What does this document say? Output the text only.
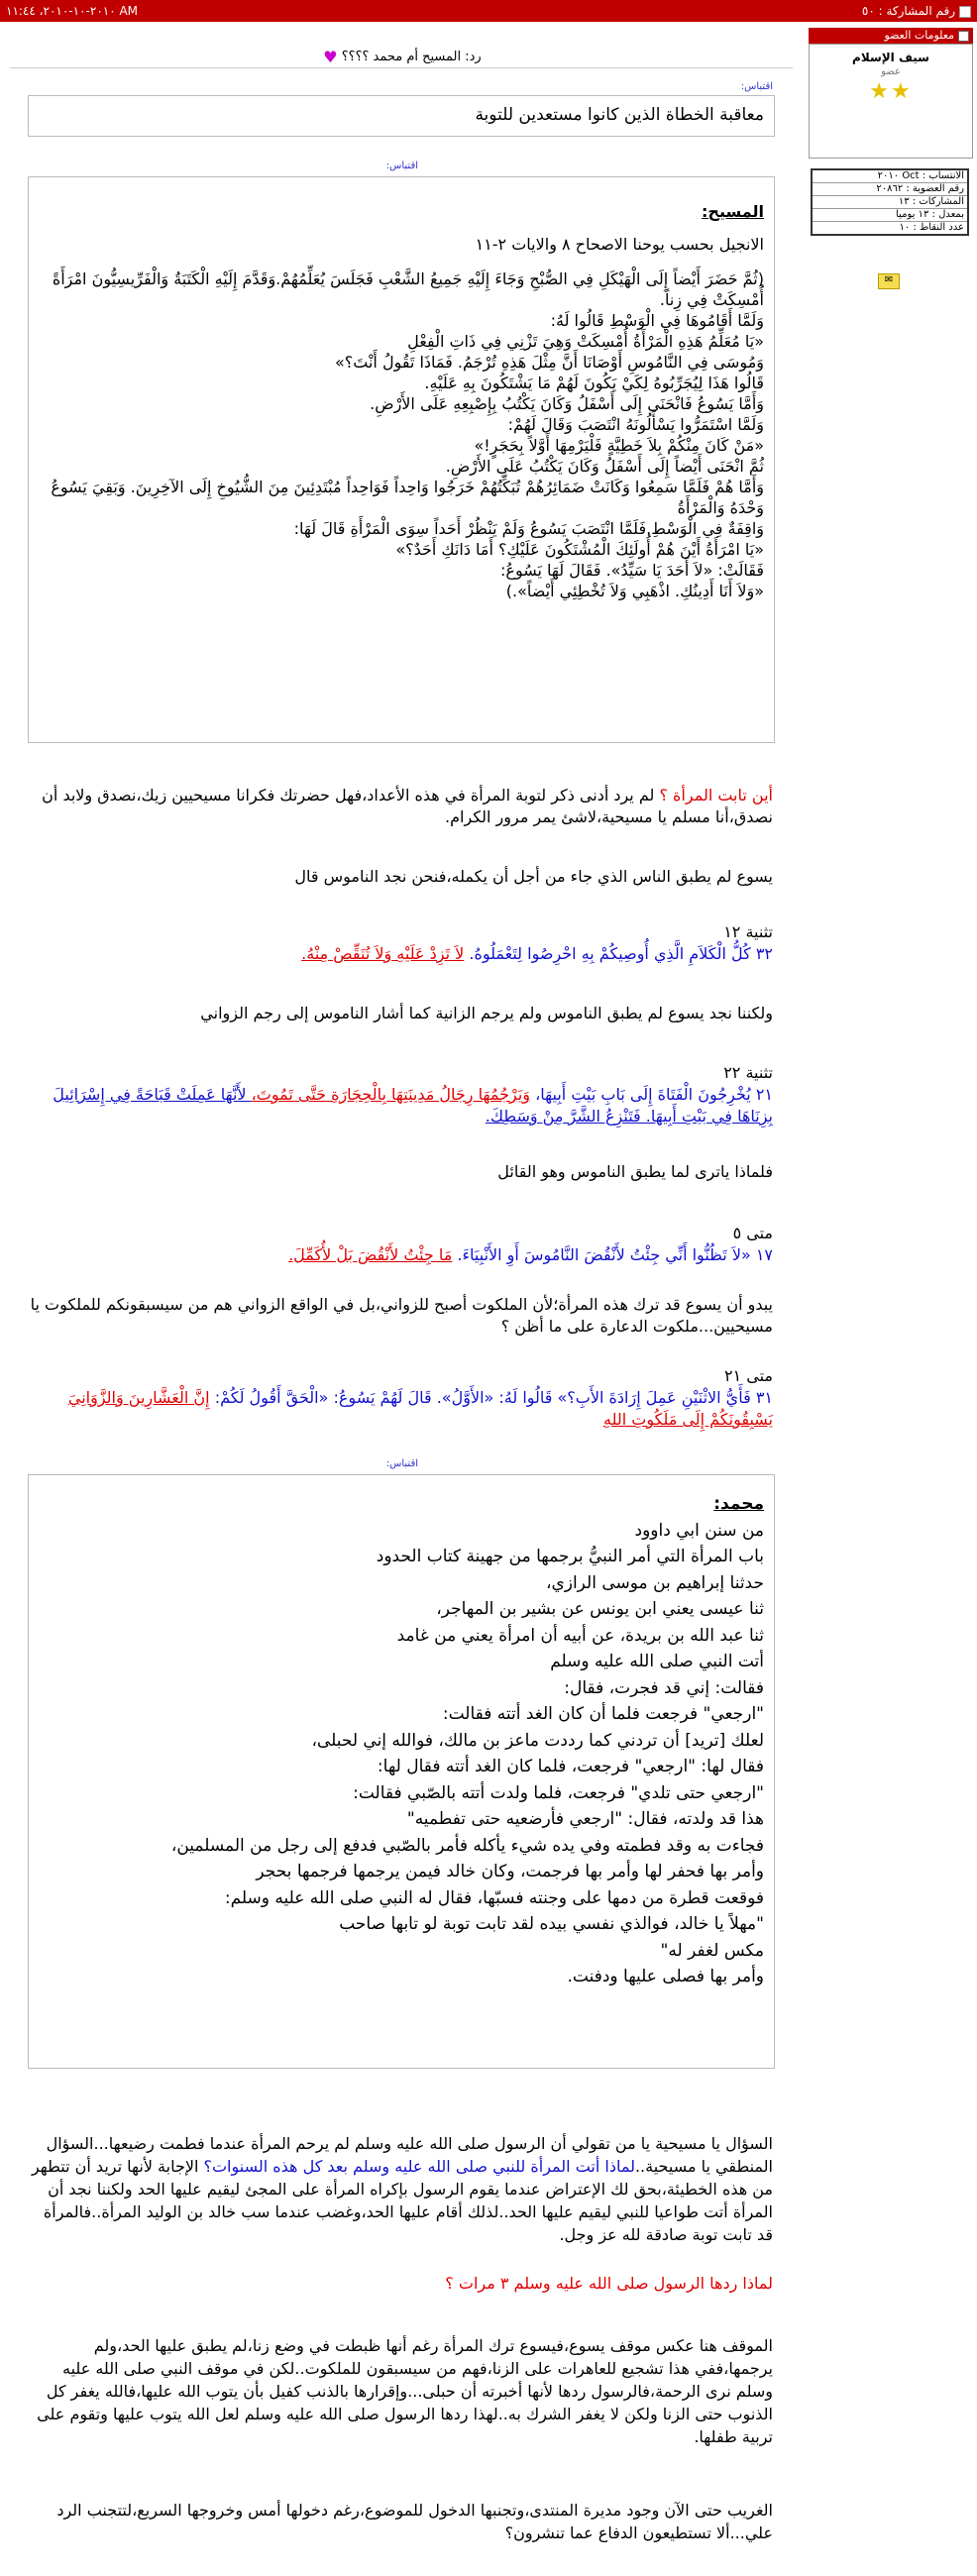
رقم المشاركة : ٥٠
٢٠١٠-١٠-٢٠١٠، ١١:٤٤ AM
رد: المسيح أم محمد ؟؟؟؟ ♥
اقتباس:
معاقبة الخطاة الذين كانوا مستعدين للتوبة
اقتباس:
المسيح:
الانجيل بحسب يوحنا الاصحاح ٨ والايات ٢-١١
(ثُمَّ حَضَرَ أَيْضاً إِلَى الْهَيْكَلِ فِي الصُّبْحِ وَجَاءَ إِلَيْهِ جَمِيعُ الشَّعْبِ فَجَلَسَ يُعَلِّمُهُمْ.وَقَدَّمَ إِلَيْهِ الْكَتَبَةُ وَالْفَرِّيسِيُّونَ امْرَأَةً أُمْسِكَتْ فِي زِناً.
وَلَمَّا أَقَامُوهَا فِي الْوَسْطِ قَالُوا لَهُ:
«يَا مُعَلِّمُ هَذِهِ الْمَرْأَةُ أُمْسِكَتْ وَهِيَ تَزْنِي فِي ذَاتِ الْفِعْلِ
وَمُوسَى فِي النَّامُوسِ أَوْصَانَا أَنَّ مِثْلَ هَذِهِ تُرْجَمُ. فَمَاذَا تَقُولُ أَنْتَ؟»
قَالُوا هَذَا لِيُجَرِّبُوهُ لِكَيْ يَكُونَ لَهُمْ مَا يَشْتَكُونَ بِهِ عَلَيْهِ.
وَأَمَّا يَسُوعُ فَانْحَنَى إِلَى أَسْفَلُ وَكَانَ يَكْتُبُ بِإِصْبِعِهِ عَلَى الأَرْضِ.
وَلَمَّا اسْتَمَرُّوا يَسْأَلُونَهُ انْتَصَبَ وَقَالَ لَهُمْ:
«مَنْ كَانَ مِنْكُمْ بِلاَ خَطِيَّةٍ فَلْيَرْمِهَا أَوَّلاً بِحَجَرٍ!»
ثُمَّ انْحَنَى أَيْضاً إِلَى أَسْفَلُ وَكَانَ يَكْتُبُ عَلَى الأَرْضِ.
وَأَمَّا هُمْ فَلَمَّا سَمِعُوا وَكَانَتْ ضَمَائِرُهُمْ تُبَكِّتُهُمْ خَرَجُوا وَاحِداً فَوَاحِداً مُبْتَدِئِينَ مِنَ الشُّيُوخِ إِلَى الآخِرِينَ. وَبَقِيَ يَسُوعُ وَحْدَهُ وَالْمَرْأَةُ
وَاقِفَةٌ فِي الْوَسْطِ.فَلَمَّا انْتَصَبَ يَسُوعُ وَلَمْ يَنْظُرْ أَحَداً سِوَى الْمَرْأَةِ قَالَ لَهَا:
«يَا امْرَأَةُ أَيْنَ هُمْ أُولَئِكَ الْمُشْتَكُونَ عَلَيْكِ؟ أَمَا دَانَكِ أَحَدٌ؟»
فَقَالَتْ: «لاَ أَحَدَ يَا سَيِّدُ». فَقَالَ لَهَا يَسُوعُ:
«وَلاَ أَنَا أَدِينُكِ. اذْهَبِي وَلاَ تُخْطِئِي أَيْضاً».)
أين تابت المرأة ؟ لم يرد أدنى ذكر لتوبة المرأة في هذه الأعداد،فهل حضرتك فكرانا مسيحيين زيك،نصدق ولابد أن نصدق،أنا مسلم يا مسيحية،لاشئ يمر مرور الكرام.
يسوع لم يطبق الناس الذي جاء من أجل أن يكمله،فنحن نجد الناموس قال
تثنية ١٢
٣٢ كُلُّ الْكَلاَمِ الَّذِي أُوصِيكُمْ بِهِ احْرِصُوا لِتَعْمَلُوهُ. لاَ تَزِدْ عَلَيْهِ وَلاَ تُنَقِّصْ مِنْهُ.
ولكننا نجد يسوع لم يطبق الناموس ولم يرجم الزانية كما أشار الناموس إلى رجم الزواني
تثنية ٢٢
٢١ يُخْرِجُونَ الْفَتَاةَ إِلَى بَابِ بَيْتِ أَبِيهَا، وَيَرْجُمُهَا رِجَالُ مَدِينَتِهَا بِالْحِجَارَةِ حَتَّى تَمُوتَ، لأَنَّهَا عَمِلَتْ قَبَاحَةً فِي إِسْرَائِيلَ بِزِنَاهَا فِي بَيْتِ أَبِيهَا. فَتَنْزِعُ الشَّرَّ مِنْ وَسَطِكَ.
فلماذا ياترى لما يطبق الناموس وهو القائل
متى ٥
١٧ «لاَ تَظُنُّوا أَنِّي جِئْتُ لأَنْقُضَ النَّامُوسَ أَوِ الأَنْبِيَاءَ. مَا جِئْتُ لأَنْقُضَ بَلْ لأُكَمِّلَ.
يبدو أن يسوع قد ترك هذه المرأة؛لأن الملكوت أصبح للزواني،بل في الواقع الزواني هم من سيسبقونكم للملكوت يا مسيحيين...ملكوت الدعارة على ما أظن ؟
متى ٢١
٣١ فَأَيُّ الاثْنَيْنِ عَمِلَ إِرَادَةَ الأَبِ؟» قَالُوا لَهُ: «الأَوَّلُ». قَالَ لَهُمْ يَسُوعُ: «الْحَقَّ أَقُولُ لَكُمْ: إِنَّ الْعَشَّارِينَ وَالزَّوَانِيَ يَسْبِقُونَكُمْ إِلَى مَلَكُوتِ اللهِ
اقتباس:
محمد:
من سنن ابي داوود
باب المرأة التي أمر النبيُّ برجمها من جهينة كتاب الحدود
حدثنا إبراهيم بن موسى الرازي،
ثنا عيسى يعني ابن يونس عن بشير بن المهاجر،
ثنا عبد الله بن بريدة، عن أبيه أن امرأة يعني من غامد
أتت النبي صلى الله عليه وسلم
فقالت: إني قد فجرت، فقال:
"ارجعي" فرجعت فلما أن كان الغد أتته فقالت:
لعلك [تريد] أن تردني كما رددت ماعز بن مالك، فوالله إني لحبلى،
فقال لها: "ارجعي" فرجعت، فلما كان الغد أتته فقال لها:
"ارجعي حتى تلدي" فرجعت، فلما ولدت أتته بالصّبي فقالت:
هذا قد ولدته، فقال: "ارجعي فأرضعيه حتى تفطميه"
فجاءت به وقد فطمته وفي يده شيء يأكله فأمر بالصّبي فدفع إلى رجل من المسلمين،
وأمر بها فحفر لها وأمر بها فرجمت، وكان خالد فيمن يرجمها فرجمها بحجر
فوقعت قطرة من دمها على وجنته فسبّها، فقال له النبي صلى الله عليه وسلم:
"مهلاً يا خالد، فوالذي نفسي بيده لقد تابت توبة لو تابها صاحب
مكس لغفر له"
وأمر بها فصلى عليها ودفنت.
السؤال يا مسيحية يا من تقولي أن الرسول صلى الله عليه وسلم لم يرحم المرأة عندما فطمت رضيعها...السؤال المنطقي يا مسيحية..لماذا أتت المرأة للنبي صلى الله عليه وسلم بعد كل هذه السنوات؟ الإجابة لأنها تريد أن تتطهر من هذه الخطيئة،بحق لك الإعتراض عندما يقوم الرسول بإكراه المرأة على المجئ ليقيم عليها الحد ولكننا نجد أن المرأة أتت طواعيا للنبي ليقيم عليها الحد..لذلك أقام عليها الحد،وغضب عندما سب خالد بن الوليد المرأة..فالمرأة قد تابت توبة صادقة لله عز وجل.
لماذا ردها الرسول صلى الله عليه وسلم ٣ مرات ؟
الموقف هنا عكس موقف يسوع،فيسوع ترك المرأة رغم أنها ظبطت في وضع زنا،لم يطبق عليها الحد،ولم يرجمها،ففي هذا تشجيع للعاهرات على الزنا،فهم من سيسبقون للملكوت..لكن في موقف النبي صلى الله عليه وسلم نرى الرحمة،فالرسول ردها لأنها أخبرته أن حبلى...وإقرارها بالذنب كفيل بأن يتوب الله عليها،فالله يغفر كل الذنوب حتى الزنا ولكن لا يغفر الشرك به..لهذا ردها الرسول صلى الله عليه وسلم لعل الله يتوب عليها وتقوم على تربية طفلها.
الغريب حتى الآن وجود مديرة المنتدى،وتجنبها الدخول للموضوع،رغم دخولها أمس وخروجها السريع،لتتجنب الرد علي...ألا تستطيعون الدفاع عما تنشرون؟
معلومات العضو
سيف الإسلام
عضو
★★
الانتساب : Oct ٢٠١٠
رقم العضوية : ٢٠٨٦٢
المشاركات : ١٣
بمعدل : ١٣ يوميا
عدد النقاط : ١٠
✉
